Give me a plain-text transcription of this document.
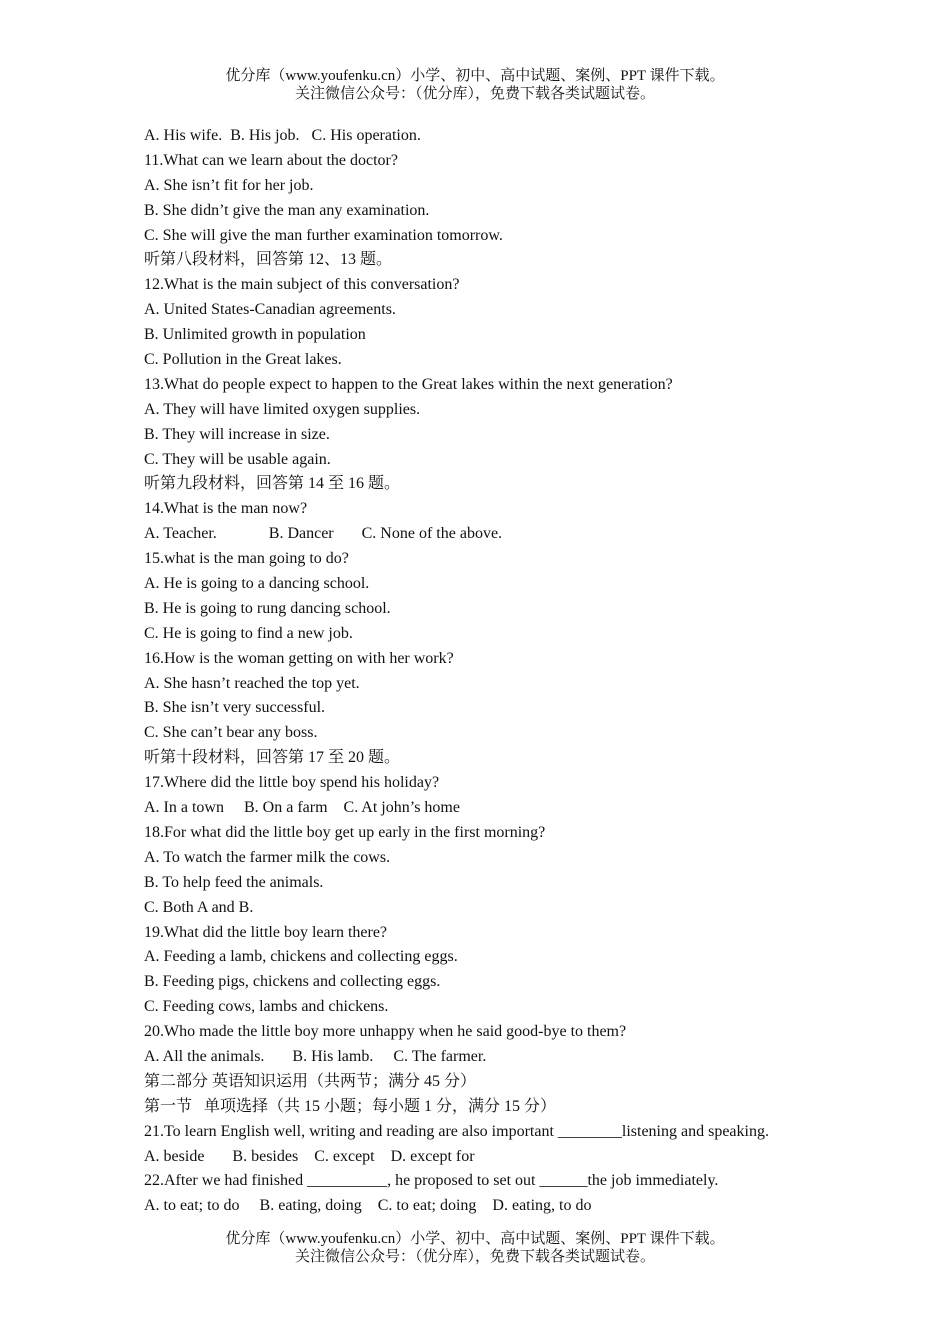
优分库（www.youfenku.cn）小学、初中、高中试题、案例、PPT 课件下载。
关注微信公众号：（优分库），免费下载各类试题试卷。
A. His wife.  B. His job.   C. His operation.
11.What can we learn about the doctor?
A. She isn’t fit for her job.
B. She didn’t give the man any examination.
C. She will give the man further examination tomorrow.
听第八段材料，回答第 12、13 题。
12.What is the main subject of this conversation?
A. United States-Canadian agreements.
B. Unlimited growth in population
C. Pollution in the Great lakes.
13.What do people expect to happen to the Great lakes within the next generation?
A. They will have limited oxygen supplies.
B. They will increase in size.
C. They will be usable again.
听第九段材料，回答第 14 至 16 题。
14.What is the man now?
A. Teacher.             B. Dancer       C. None of the above.
15.what is the man going to do?
A. He is going to a dancing school.
B. He is going to rung dancing school.
C. He is going to find a new job.
16.How is the woman getting on with her work?
A. She hasn’t reached the top yet.
B. She isn’t very successful.
C. She can’t bear any boss.
听第十段材料，回答第 17 至 20 题。
17.Where did the little boy spend his holiday?
A. In a town     B. On a farm    C. At john’s home
18.For what did the little boy get up early in the first morning?
A. To watch the farmer milk the cows.
B. To help feed the animals.
C. Both A and B.
19.What did the little boy learn there?
A. Feeding a lamb, chickens and collecting eggs.
B. Feeding pigs, chickens and collecting eggs.
C. Feeding cows, lambs and chickens.
20.Who made the little boy more unhappy when he said good-bye to them?
A. All the animals.       B. His lamb.     C. The farmer.
第二部分 英语知识运用（共两节；满分 45 分）
第一节   单项选择（共 15 小题；每小题 1 分，满分 15 分）
21.To learn English well, writing and reading are also important ________listening and speaking.
A. beside       B. besides    C. except    D. except for
22.After we had finished __________, he proposed to set out ______the job immediately.
A. to eat; to do     B. eating, doing    C. to eat; doing    D. eating, to do
优分库（www.youfenku.cn）小学、初中、高中试题、案例、PPT 课件下载。
关注微信公众号：（优分库），免费下载各类试题试卷。
